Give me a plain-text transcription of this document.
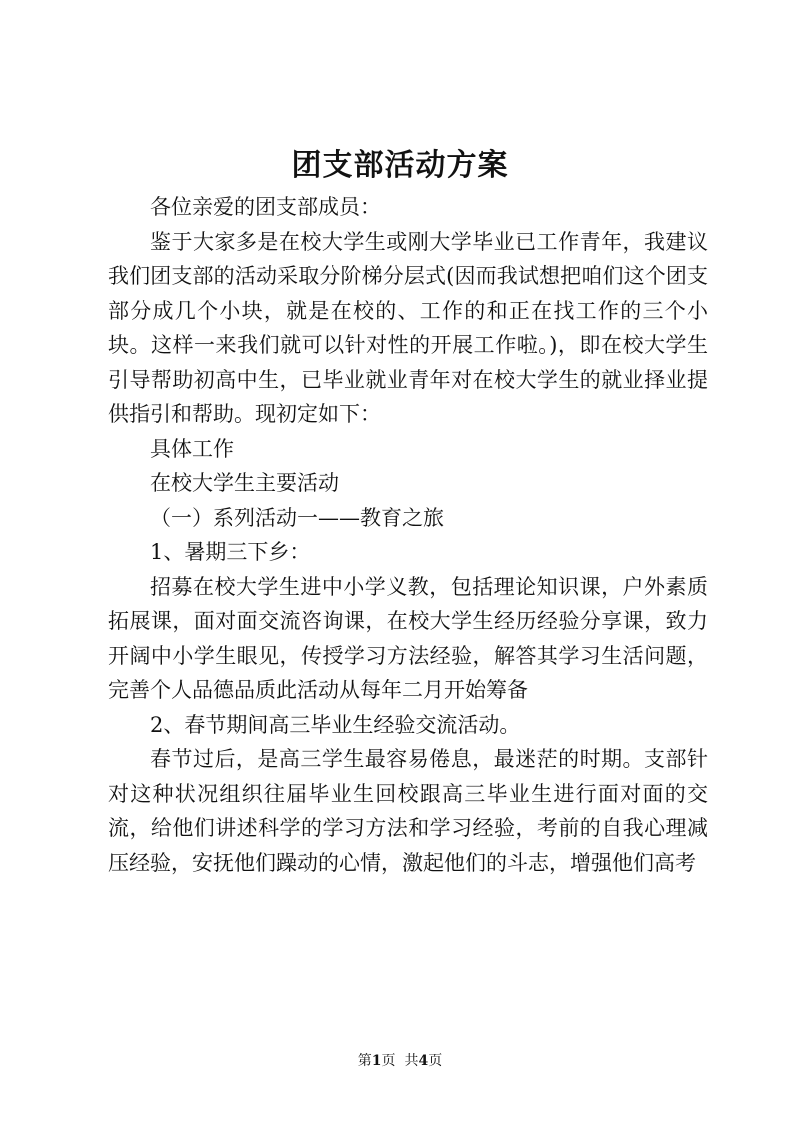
团支部活动方案

各位亲爱的团支部成员：

鉴于大家多是在校大学生或刚大学毕业已工作青年，我建议我们团支部的活动采取分阶梯分层式(因而我试想把咱们这个团支部分成几个小块，就是在校的、工作的和正在找工作的三个小块。这样一来我们就可以针对性的开展工作啦。)，即在校大学生引导帮助初高中生，已毕业就业青年对在校大学生的就业择业提供指引和帮助。现初定如下：

具体工作

在校大学生主要活动

（一）系列活动一——教育之旅

1、暑期三下乡：

招募在校大学生进中小学义教，包括理论知识课，户外素质拓展课，面对面交流咨询课，在校大学生经历经验分享课，致力开阔中小学生眼见，传授学习方法经验，解答其学习生活问题，完善个人品德品质此活动从每年二月开始筹备

2、春节期间高三毕业生经验交流活动。

春节过后，是高三学生最容易倦息，最迷茫的时期。支部针对这种状况组织往届毕业生回校跟高三毕业生进行面对面的交流，给他们讲述科学的学习方法和学习经验，考前的自我心理减压经验，安抚他们躁动的心情，激起他们的斗志，增强他们高考

第1页 共4页
